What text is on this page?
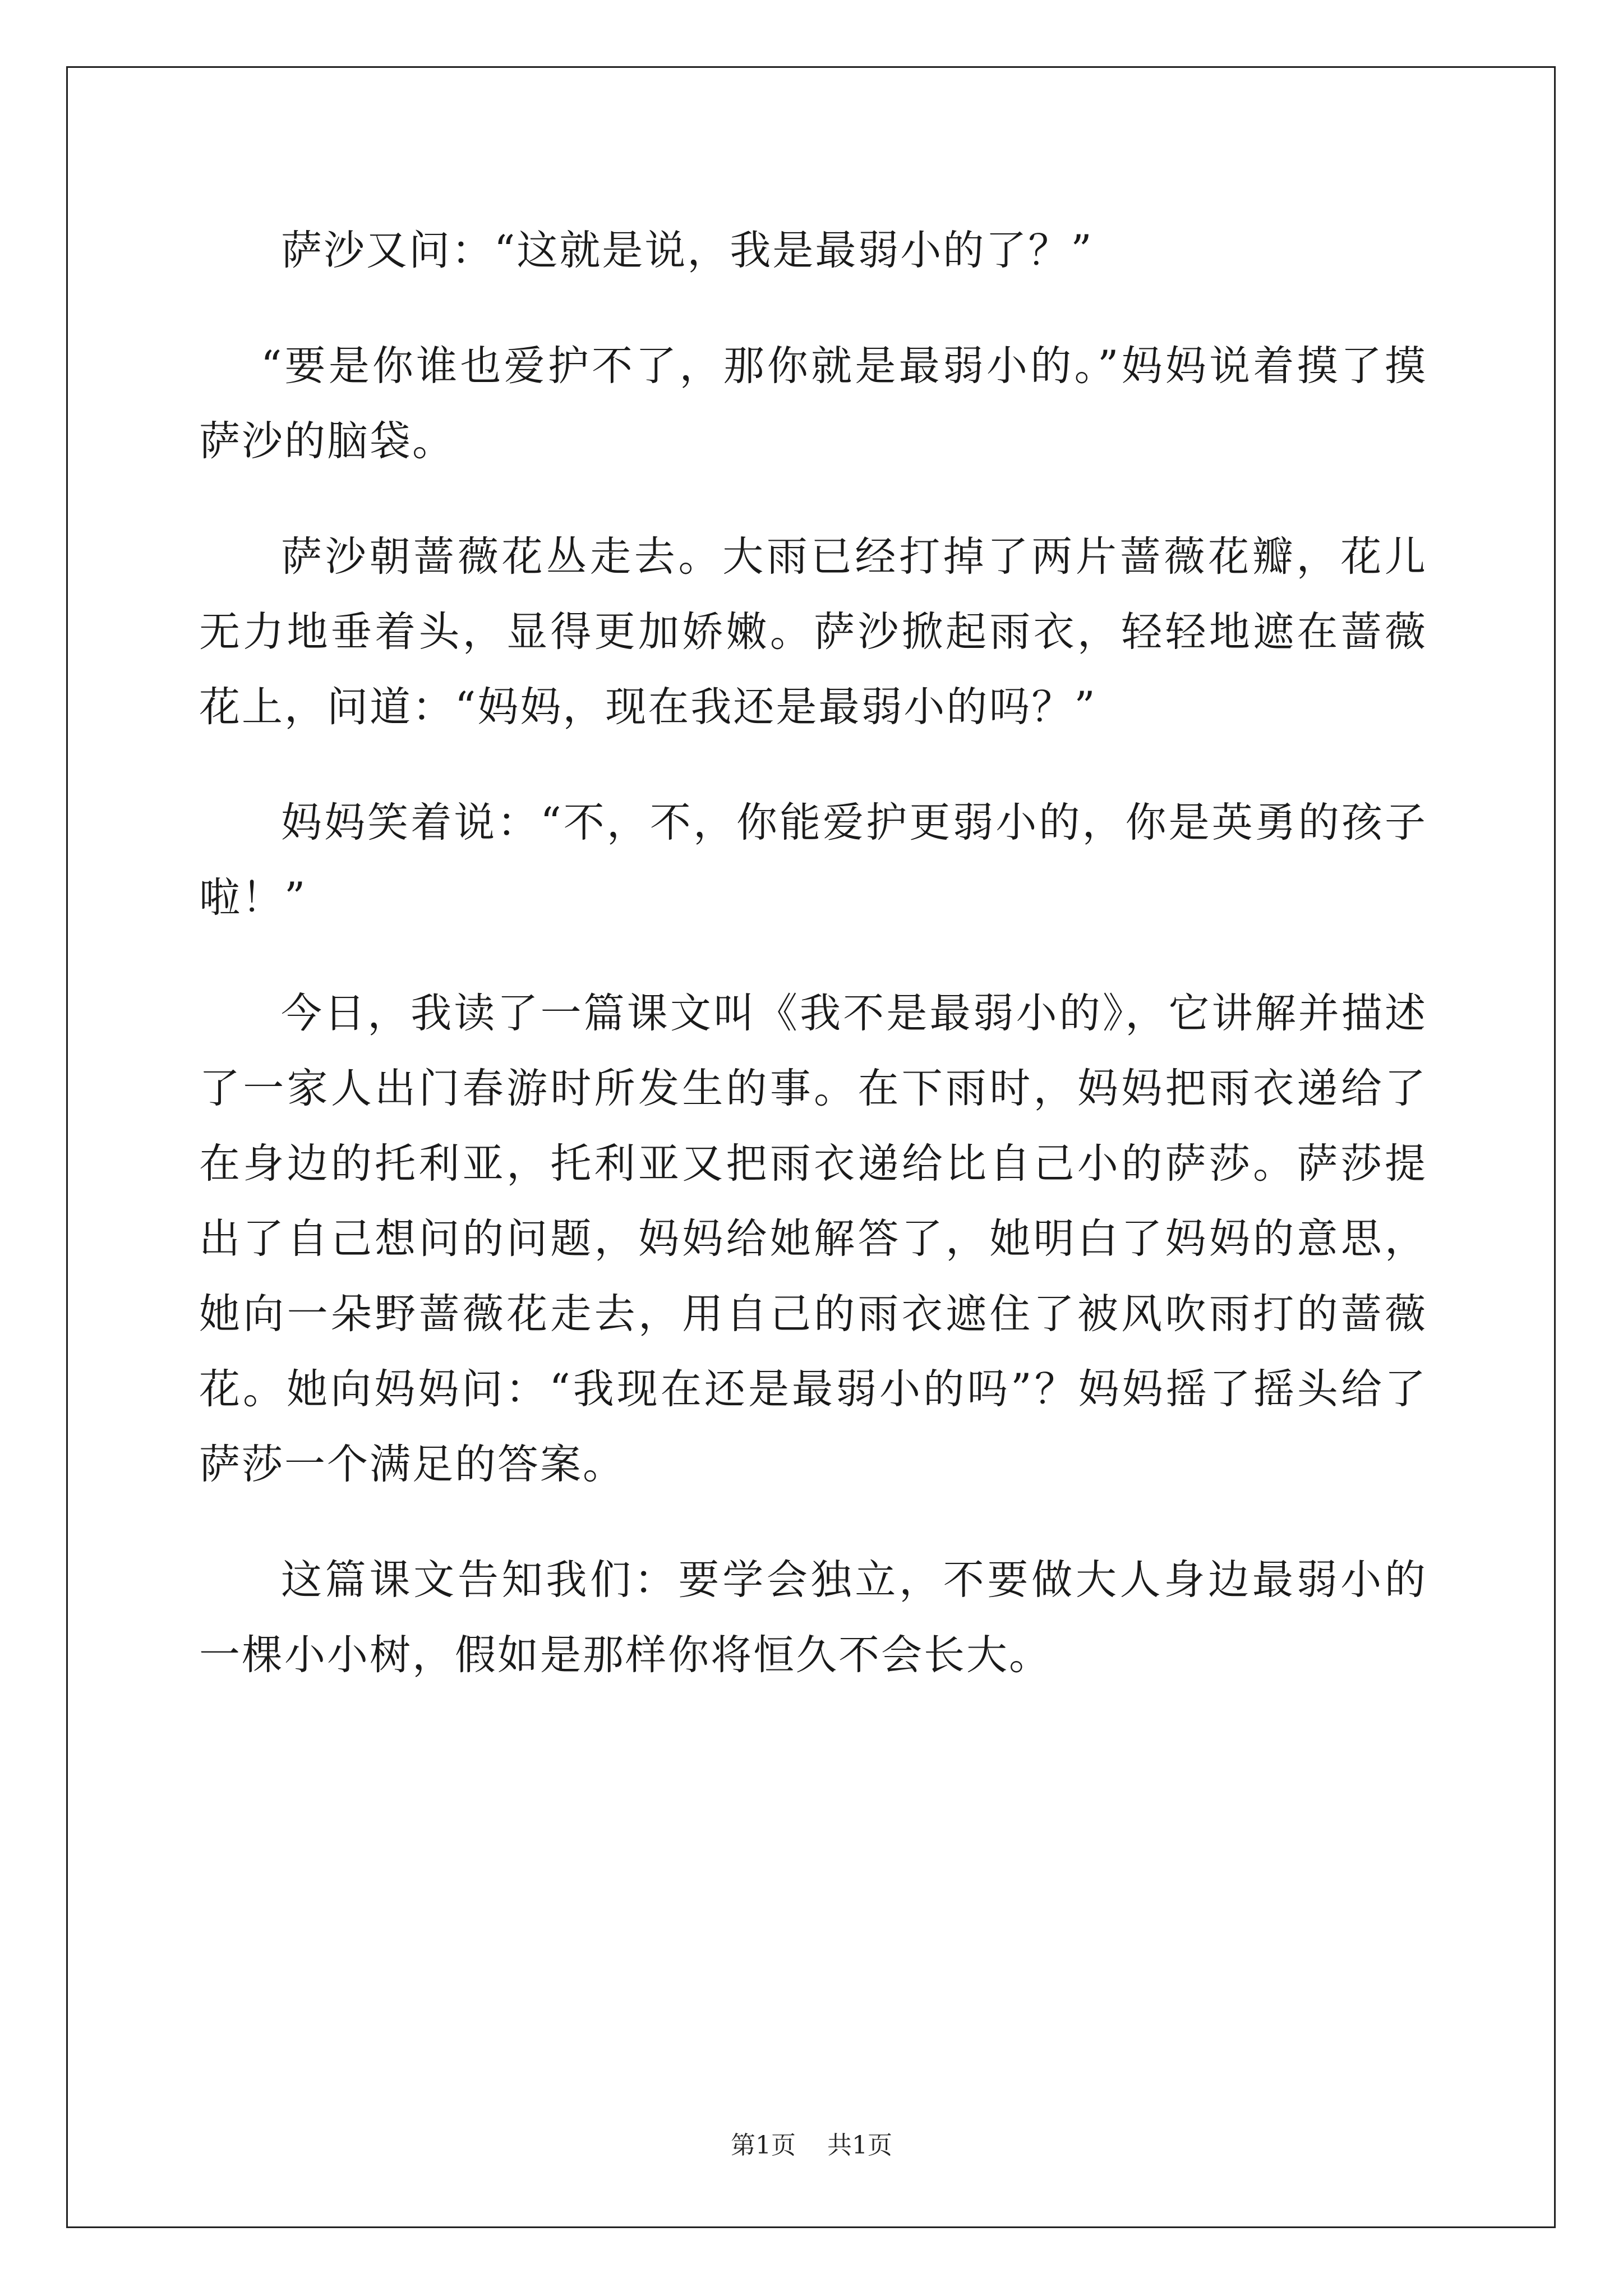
萨沙又问：“这就是说，我是最弱小的了？”

“要是你谁也爱护不了，那你就是最弱小的。”妈妈说着摸了摸萨沙的脑袋。

萨沙朝蔷薇花丛走去。大雨已经打掉了两片蔷薇花瓣，花儿无力地垂着头，显得更加娇嫩。萨沙掀起雨衣，轻轻地遮在蔷薇花上，问道：“妈妈，现在我还是最弱小的吗？”

妈妈笑着说：“不，不，你能爱护更弱小的，你是英勇的孩子啦！”

今日，我读了一篇课文叫《我不是最弱小的》，它讲解并描述了一家人出门春游时所发生的事。在下雨时，妈妈把雨衣递给了在身边的托利亚，托利亚又把雨衣递给比自己小的萨莎。萨莎提出了自己想问的问题，妈妈给她解答了，她明白了妈妈的意思，她向一朵野蔷薇花走去，用自己的雨衣遮住了被风吹雨打的蔷薇花。她向妈妈问：“我现在还是最弱小的吗”？妈妈摇了摇头给了萨莎一个满足的答案。

这篇课文告知我们：要学会独立，不要做大人身边最弱小的一棵小小树，假如是那样你将恒久不会长大。

第1页 共1页
